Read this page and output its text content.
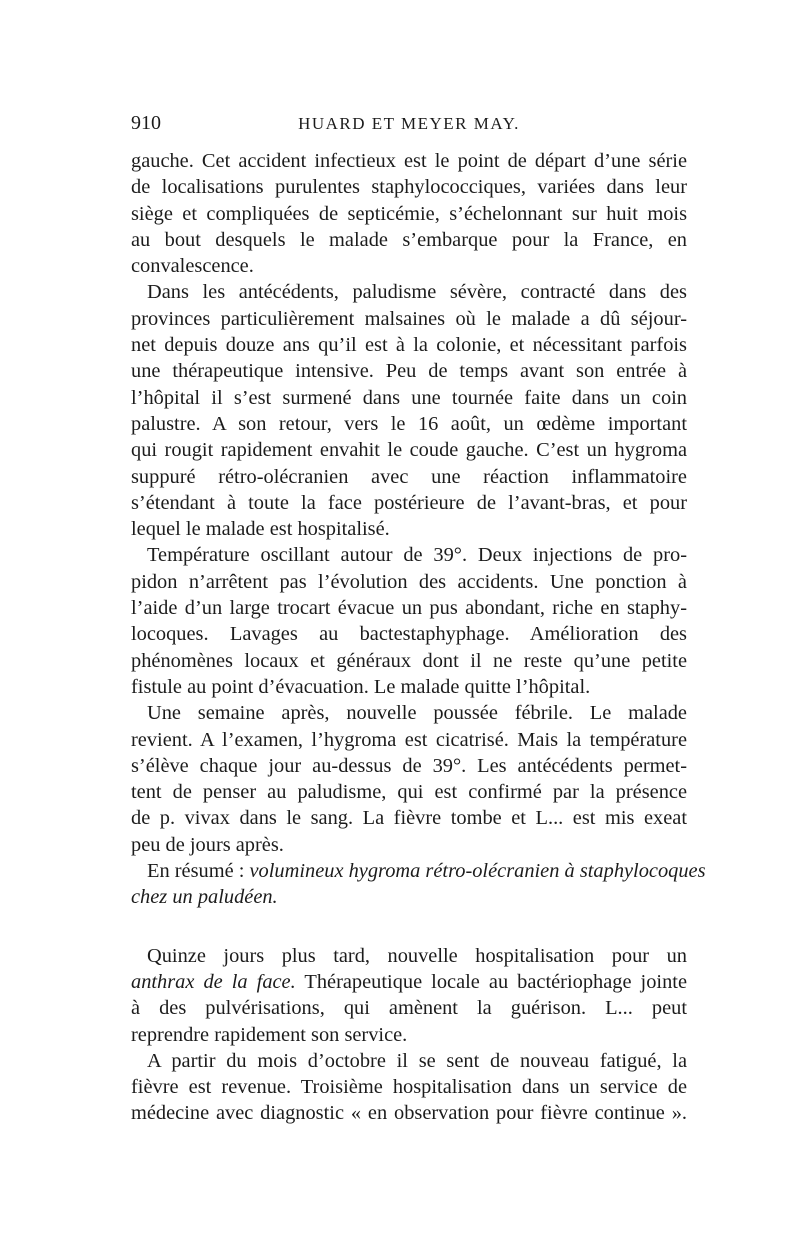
910	HUARD ET MEYER MAY.

gauche. Cet accident infectieux est le point de départ d’une série
de localisations purulentes staphylococciques, variées dans leur
siège et compliquées de septicémie, s’échelonnant sur huit mois
au bout desquels le malade s’embarque pour la France, en
convalescence.

Dans les antécédents, paludisme sévère, contracté dans des
provinces particulièrement malsaines où le malade a dû séjour-
net depuis douze ans qu’il est à la colonie, et nécessitant parfois
une thérapeutique intensive. Peu de temps avant son entrée à
l’hôpital il s’est surmené dans une tournée faite dans un coin
palustre. A son retour, vers le 16 août, un œdème important
qui rougit rapidement envahit le coude gauche. C’est un hygroma
suppuré rétro-olécranien avec une réaction inflammatoire
s’étendant à toute la face postérieure de l’avant-bras, et pour
lequel le malade est hospitalisé.

Température oscillant autour de 39°. Deux injections de pro-
pidon n’arrêtent pas l’évolution des accidents. Une ponction à
l’aide d’un large trocart évacue un pus abondant, riche en staphy-
locoques. Lavages au bactestaphyphage. Amélioration des
phénomènes locaux et généraux dont il ne reste qu’une petite
fistule au point d’évacuation. Le malade quitte l’hôpital.

Une semaine après, nouvelle poussée fébrile. Le malade
revient. A l’examen, l’hygroma est cicatrisé. Mais la température
s’élève chaque jour au-dessus de 39°. Les antécédents permet-
tent de penser au paludisme, qui est confirmé par la présence
de p. vivax dans le sang. La fièvre tombe et L... est mis exeat
peu de jours après.

En résumé : volumineux hygroma rétro-olécranien à staphylocoques
chez un paludéen.

Quinze jours plus tard, nouvelle hospitalisation pour un
anthrax de la face. Thérapeutique locale au bactériophage jointe
à des pulvérisations, qui amènent la guérison. L... peut
reprendre rapidement son service.

A partir du mois d’octobre il se sent de nouveau fatigué, la
fièvre est revenue. Troisième hospitalisation dans un service de
médecine avec diagnostic « en observation pour fièvre continue ».
